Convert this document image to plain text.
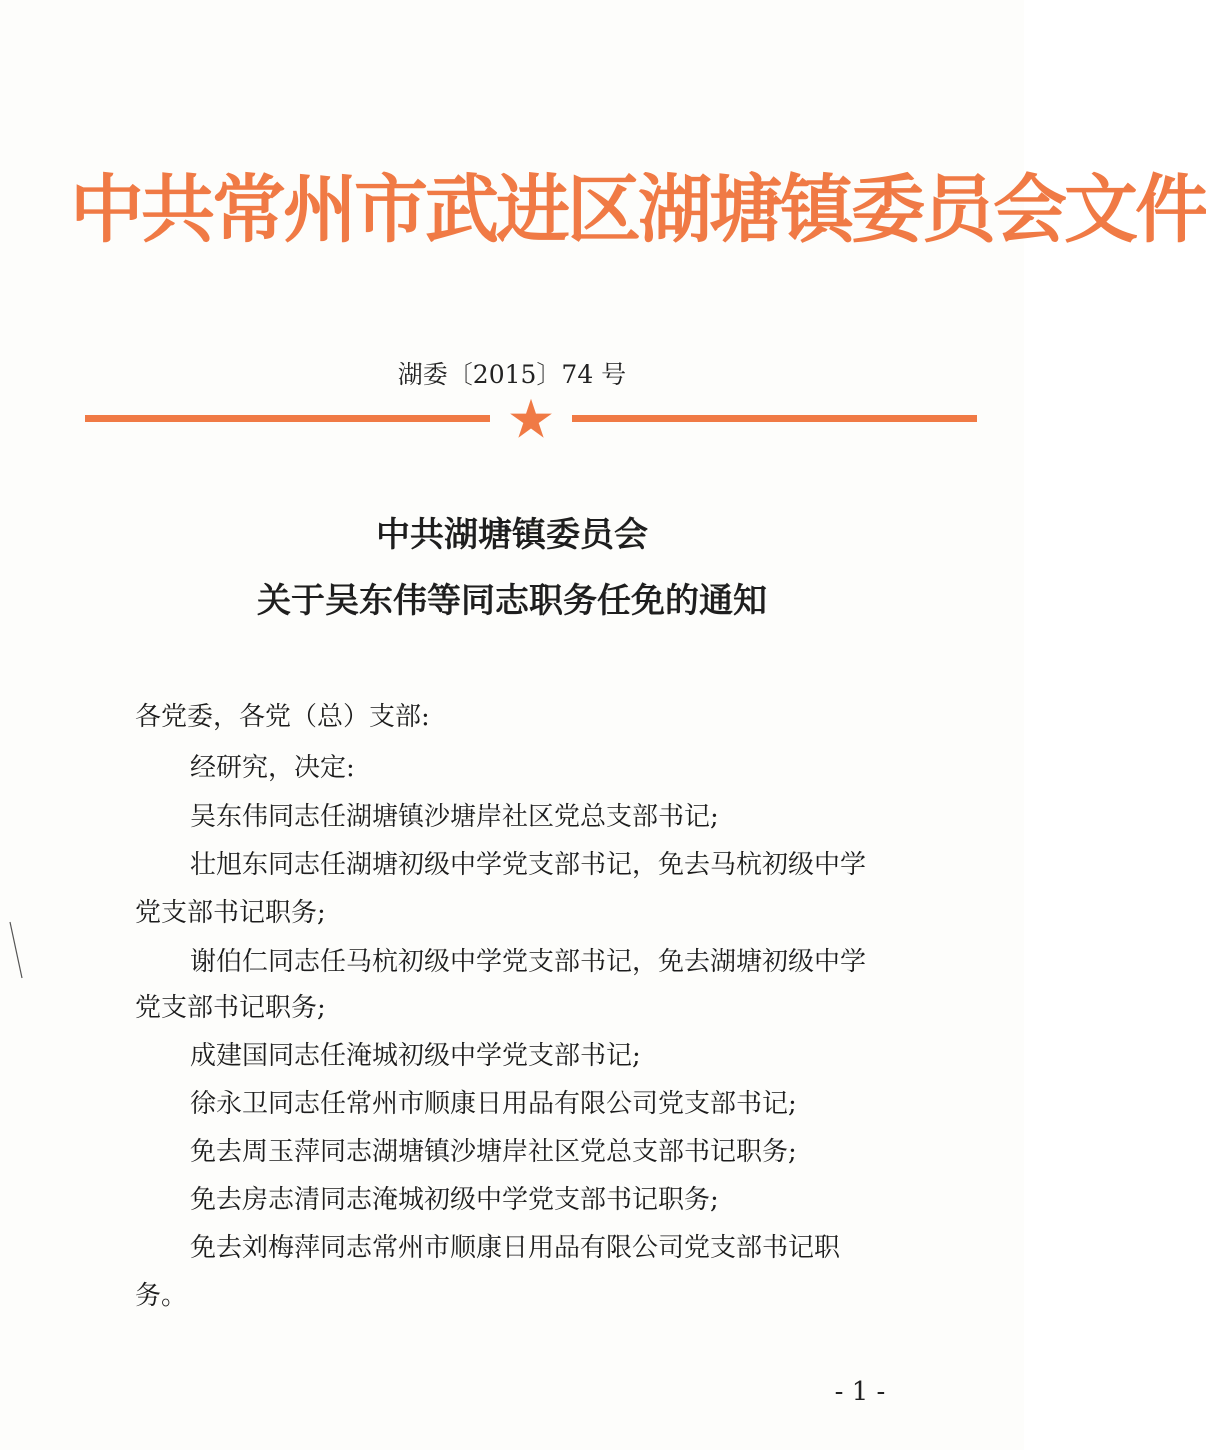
中共常州市武进区湖塘镇委员会文件
湖委〔2015〕74 号
中共湖塘镇委员会
关于吴东伟等同志职务任免的通知
各党委，各党（总）支部:
经研究，决定:
吴东伟同志任湖塘镇沙塘岸社区党总支部书记;
壮旭东同志任湖塘初级中学党支部书记，免去马杭初级中学
党支部书记职务;
谢伯仁同志任马杭初级中学党支部书记，免去湖塘初级中学
党支部书记职务;
成建国同志任淹城初级中学党支部书记;
徐永卫同志任常州市顺康日用品有限公司党支部书记;
免去周玉萍同志湖塘镇沙塘岸社区党总支部书记职务;
免去房志清同志淹城初级中学党支部书记职务;
免去刘梅萍同志常州市顺康日用品有限公司党支部书记职
务。
- 1 -
